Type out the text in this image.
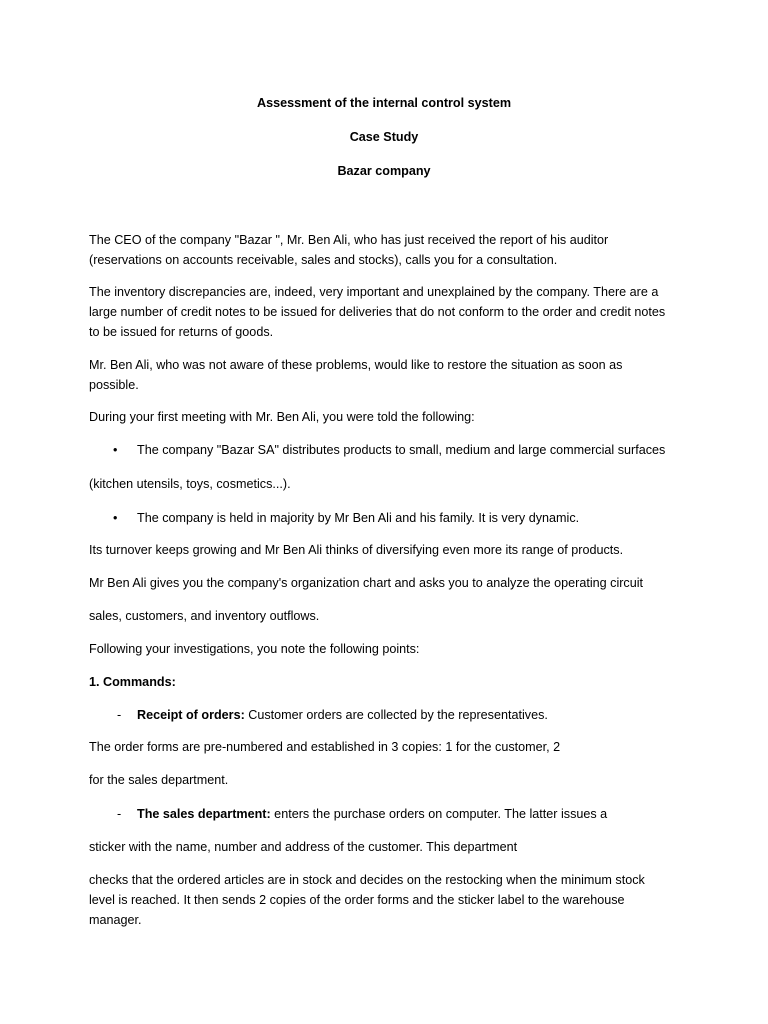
Assessment of the internal control system
Case Study
Bazar company
The CEO of the company "Bazar ", Mr. Ben Ali, who has just received the report of his auditor
(reservations on accounts receivable, sales and stocks), calls you for a consultation.
The inventory discrepancies are, indeed, very important and unexplained by the company. There are a
large number of credit notes to be issued for deliveries that do not conform to the order and credit notes
to be issued for returns of goods.
Mr. Ben Ali, who was not aware of these problems, would like to restore the situation as soon as
possible.
During your first meeting with Mr. Ben Ali, you were told the following:
• The company "Bazar SA" distributes products to small, medium and large commercial surfaces
(kitchen utensils, toys, cosmetics...).
• The company is held in majority by Mr Ben Ali and his family. It is very dynamic.
Its turnover keeps growing and Mr Ben Ali thinks of diversifying even more its range of products.
Mr Ben Ali gives you the company's organization chart and asks you to analyze the operating circuit
sales, customers, and inventory outflows.
Following your investigations, you note the following points:
1. Commands:
- Receipt of orders: Customer orders are collected by the representatives.
The order forms are pre-numbered and established in 3 copies: 1 for the customer, 2
for the sales department.
- The sales department: enters the purchase orders on computer. The latter issues a
sticker with the name, number and address of the customer. This department
checks that the ordered articles are in stock and decides on the restocking when the minimum stock
level is reached. It then sends 2 copies of the order forms and the sticker label to the warehouse
manager.
